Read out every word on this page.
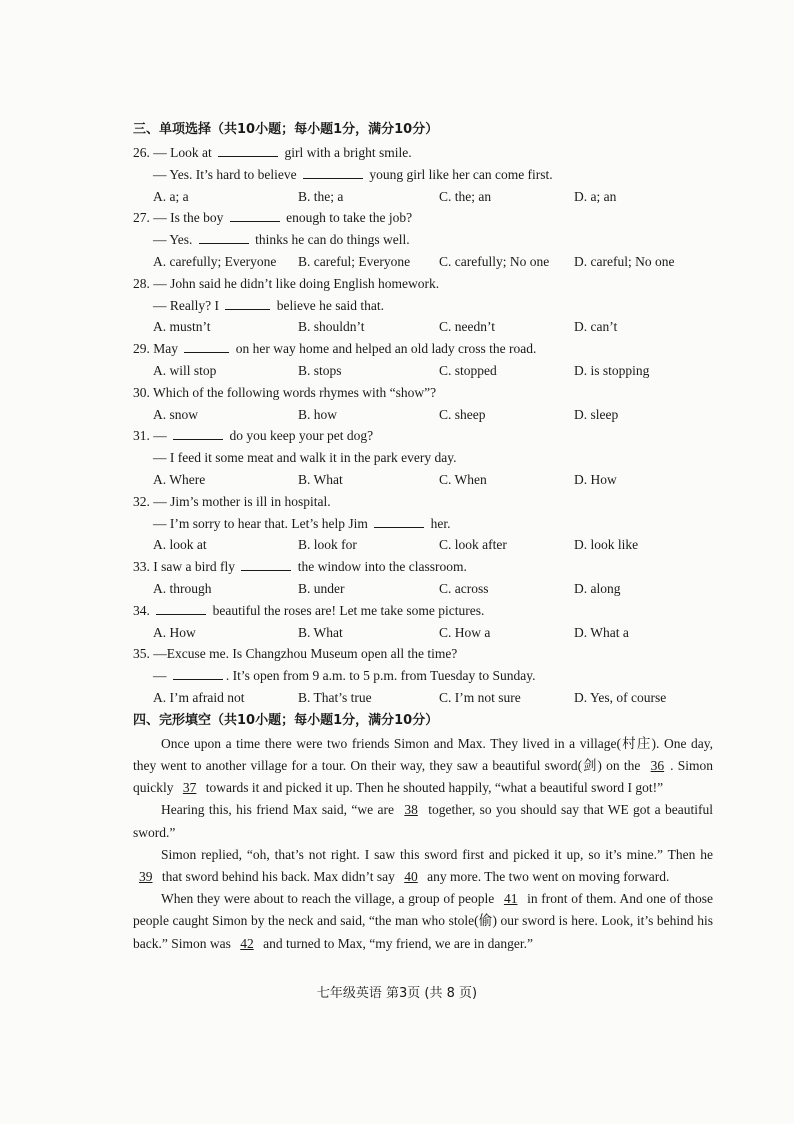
三、单项选择（共10小题；每小题1分，满分10分）
26. — Look at	girl with a bright smile.
— Yes. It’s hard to believe	young girl like her can come first.
A. a; a	B. the; a	C. the; an	D. a; an
27. — Is the boy	enough to take the job?
— Yes.	thinks he can do things well.
A. carefully; Everyone B. careful; Everyone C. carefully; No one D. careful; No one
28. — John said he didn’t like doing English homework.
— Really? I	believe he said that.
A. mustn’t	B. shouldn’t	C. needn’t	D. can’t
29. May	on her way home and helped an old lady cross the road.
A. will stop	B. stops	C. stopped	D. is stopping
30. Which of the following words rhymes with “show”?
A. snow	B. how	C. sheep	D. sleep
31. —	do you keep your pet dog?
— I feed it some meat and walk it in the park every day.
A. Where	B. What	C. When	D. How
32. — Jim’s mother is ill in hospital.
— I’m sorry to hear that. Let’s help Jim	her.
A. look at	B. look for	C. look after	D. look like
33. I saw a bird fly	the window into the classroom.
A. through	B. under	C. across	D. along
34.	beautiful the roses are! Let me take some pictures.
A. How	B. What	C. How a	D. What a
35. —Excuse me. Is Changzhou Museum open all the time?
—	. It’s open from 9 a.m. to 5 p.m. from Tuesday to Sunday.
A. I’m afraid not	B. That’s true	C. I’m not sure	D. Yes, of course
四、完形填空（共10小题；每小题1分，满分10分）
Once upon a time there were two friends Simon and Max. They lived in a village(村庄). One day, they went to another village for a tour. On their way, they saw a beautiful sword(剑) on the 36 . Simon quickly 37 towards it and picked it up. Then he shouted happily, “what a beautiful sword I got!”
Hearing this, his friend Max said, “we are 38 together, so you should say that WE got a beautiful sword.”
Simon replied, “oh, that’s not right. I saw this sword first and picked it up, so it’s mine.” Then he 39 that sword behind his back. Max didn’t say 40 any more. The two went on moving forward.
When they were about to reach the village, a group of people 41 in front of them. And one of those people caught Simon by the neck and said, “the man who stole(偷) our sword is here. Look, it’s behind his back.” Simon was 42 and turned to Max, “my friend, we are in danger.”
七年级英语 第3页 (共 8 页)
